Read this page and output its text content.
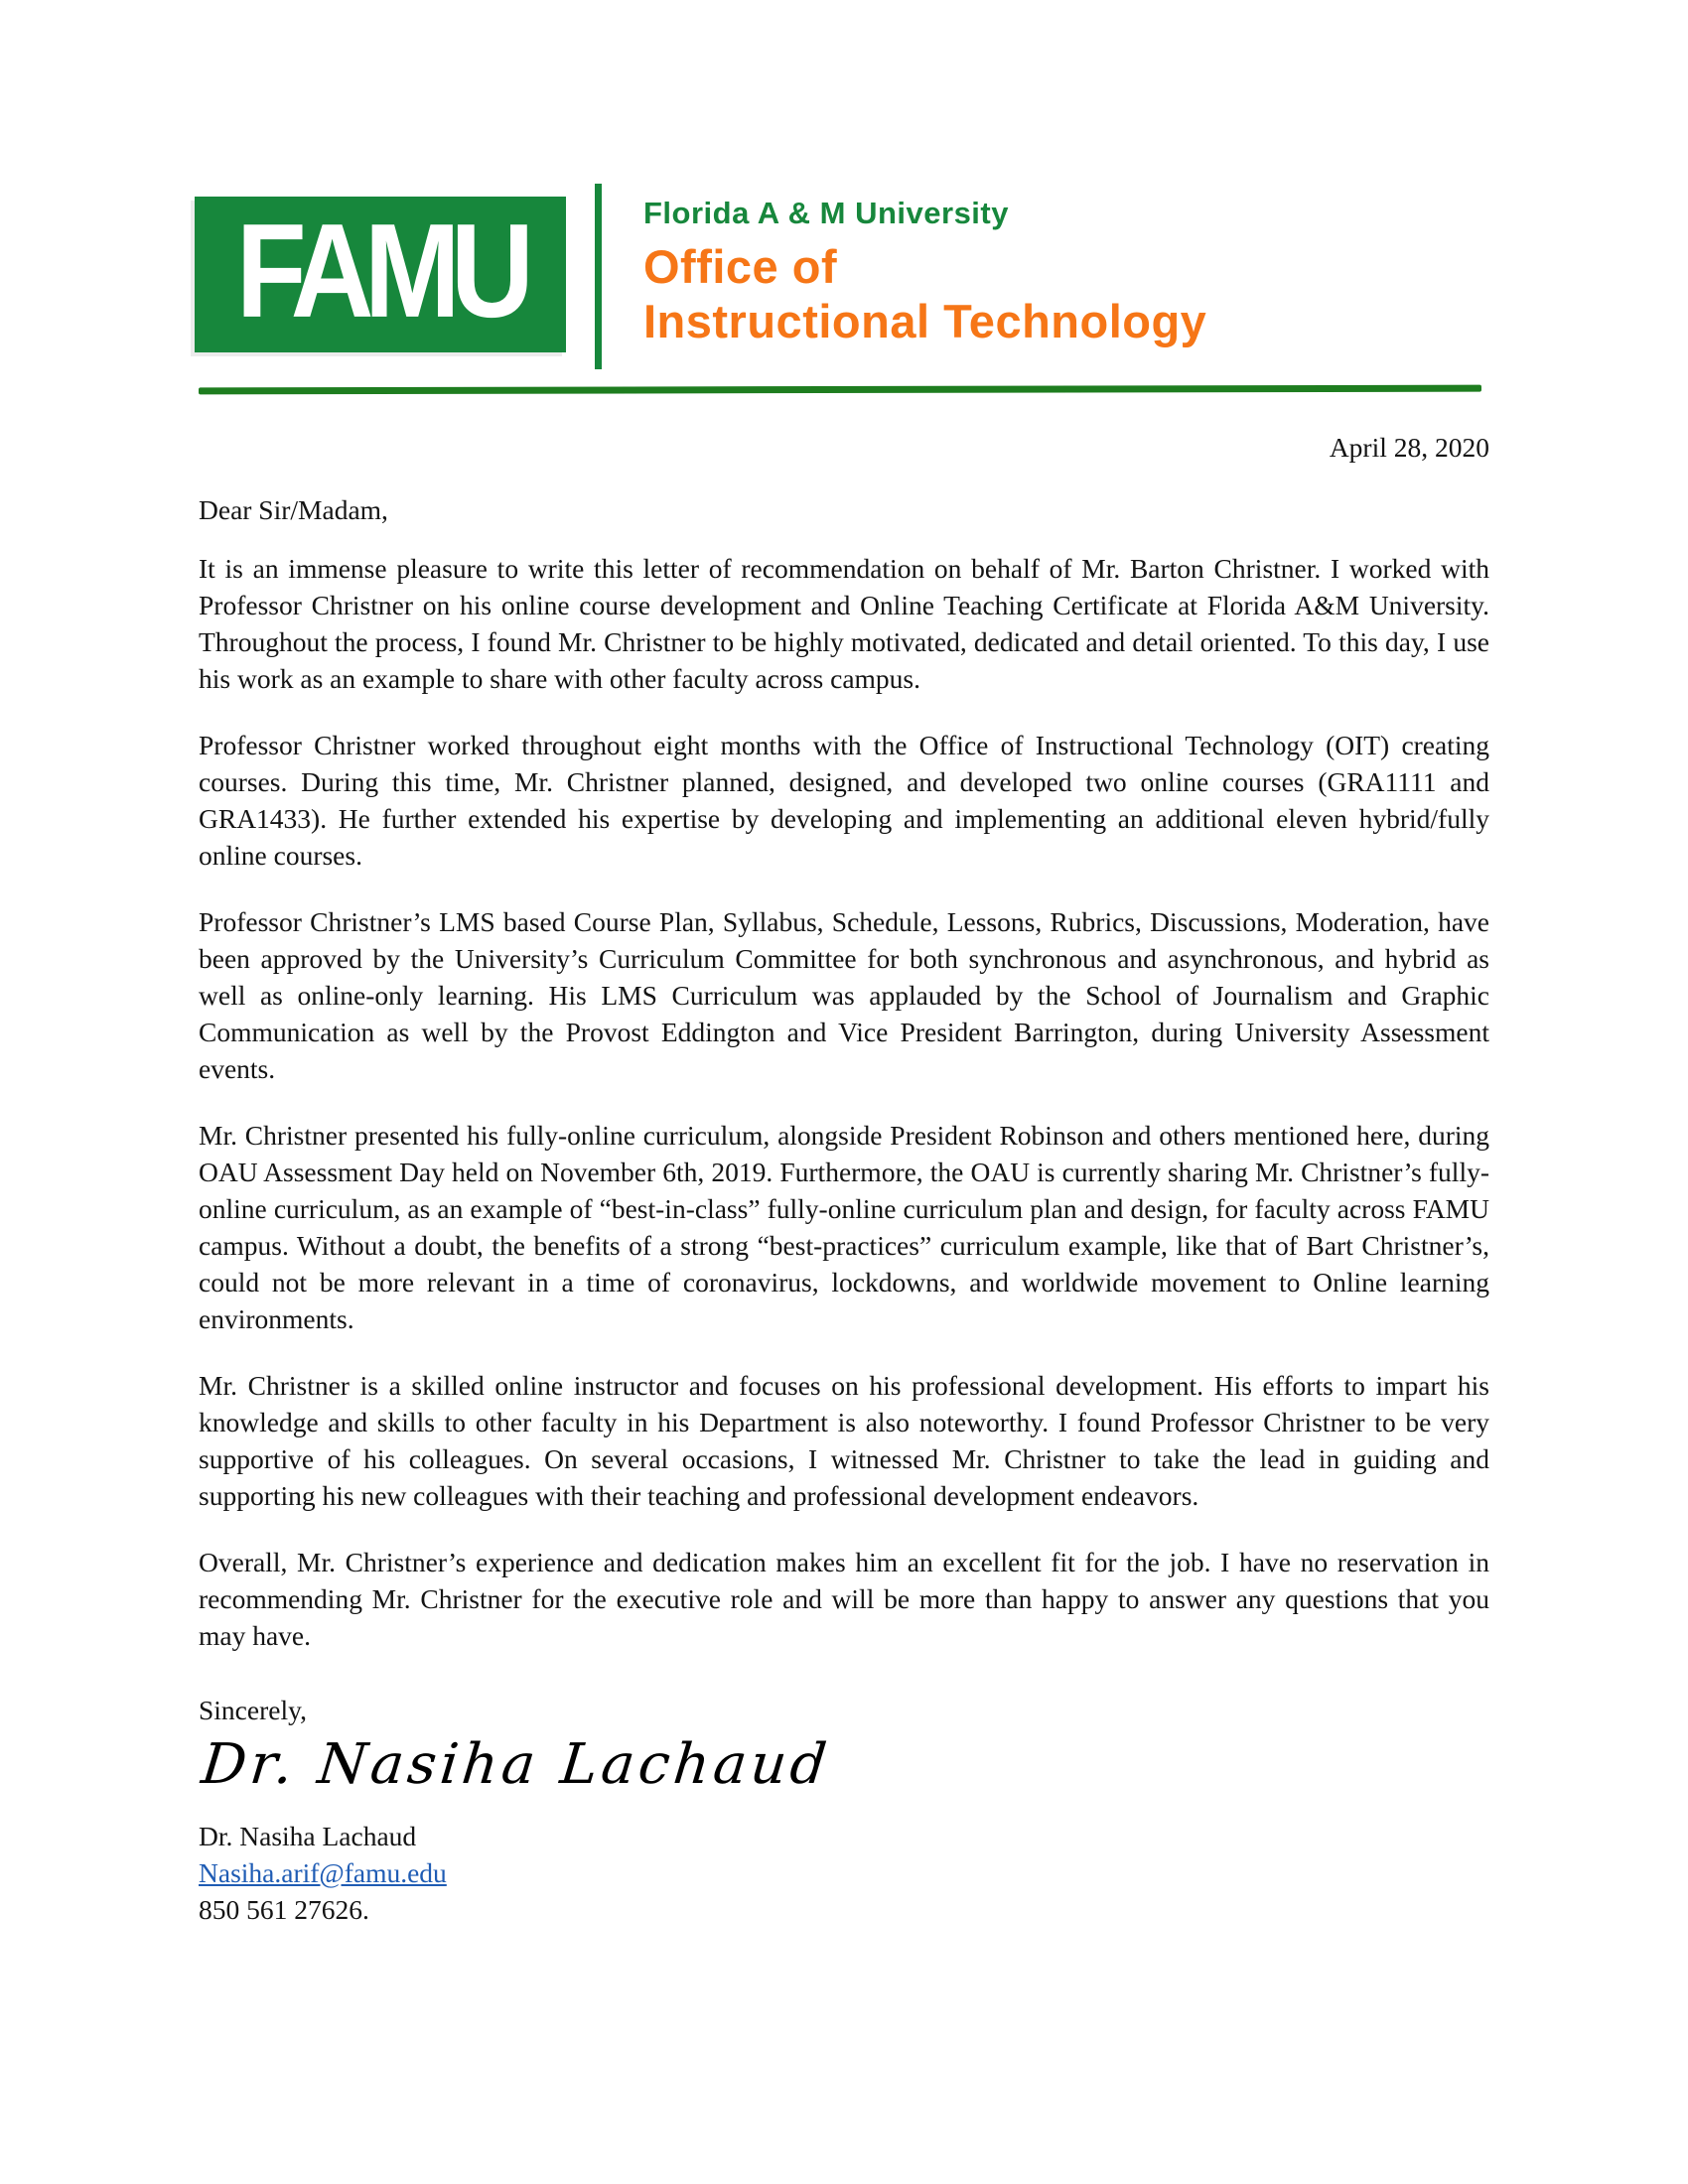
FAMU	Florida A & M University
Office of
Instructional Technology
April 28, 2020
Dear Sir/Madam,

It is an immense pleasure to write this letter of recommendation on behalf of Mr. Barton Christner. I worked with Professor Christner on his online course development and Online Teaching Certificate at Florida A&M University. Throughout the process, I found Mr. Christner to be highly motivated, dedicated and detail oriented. To this day, I use his work as an example to share with other faculty across campus.

Professor Christner worked throughout eight months with the Office of Instructional Technology (OIT) creating courses. During this time, Mr. Christner planned, designed, and developed two online courses (GRA1111 and GRA1433). He further extended his expertise by developing and implementing an additional eleven hybrid/fully online courses.

Professor Christner’s LMS based Course Plan, Syllabus, Schedule, Lessons, Rubrics, Discussions, Moderation, have been approved by the University’s Curriculum Committee for both synchronous and asynchronous, and hybrid as well as online-only learning. His LMS Curriculum was applauded by the School of Journalism and Graphic Communication as well by the Provost Eddington and Vice President Barrington, during University Assessment events.

Mr. Christner presented his fully-online curriculum, alongside President Robinson and others mentioned here, during OAU Assessment Day held on November 6th, 2019. Furthermore, the OAU is currently sharing Mr. Christner’s fully-online curriculum, as an example of “best-in-class” fully-online curriculum plan and design, for faculty across FAMU campus. Without a doubt, the benefits of a strong “best-practices” curriculum example, like that of Bart Christner’s, could not be more relevant in a time of coronavirus, lockdowns, and worldwide movement to Online learning environments.

Mr. Christner is a skilled online instructor and focuses on his professional development. His efforts to impart his knowledge and skills to other faculty in his Department is also noteworthy. I found Professor Christner to be very supportive of his colleagues. On several occasions, I witnessed Mr. Christner to take the lead in guiding and supporting his new colleagues with their teaching and professional development endeavors.

Overall, Mr. Christner’s experience and dedication makes him an excellent fit for the job. I have no reservation in recommending Mr. Christner for the executive role and will be more than happy to answer any questions that you may have.

Sincerely,
Dr. Nasiha Lachaud
Dr. Nasiha Lachaud
Nasiha.arif@famu.edu
850 561 27626.
